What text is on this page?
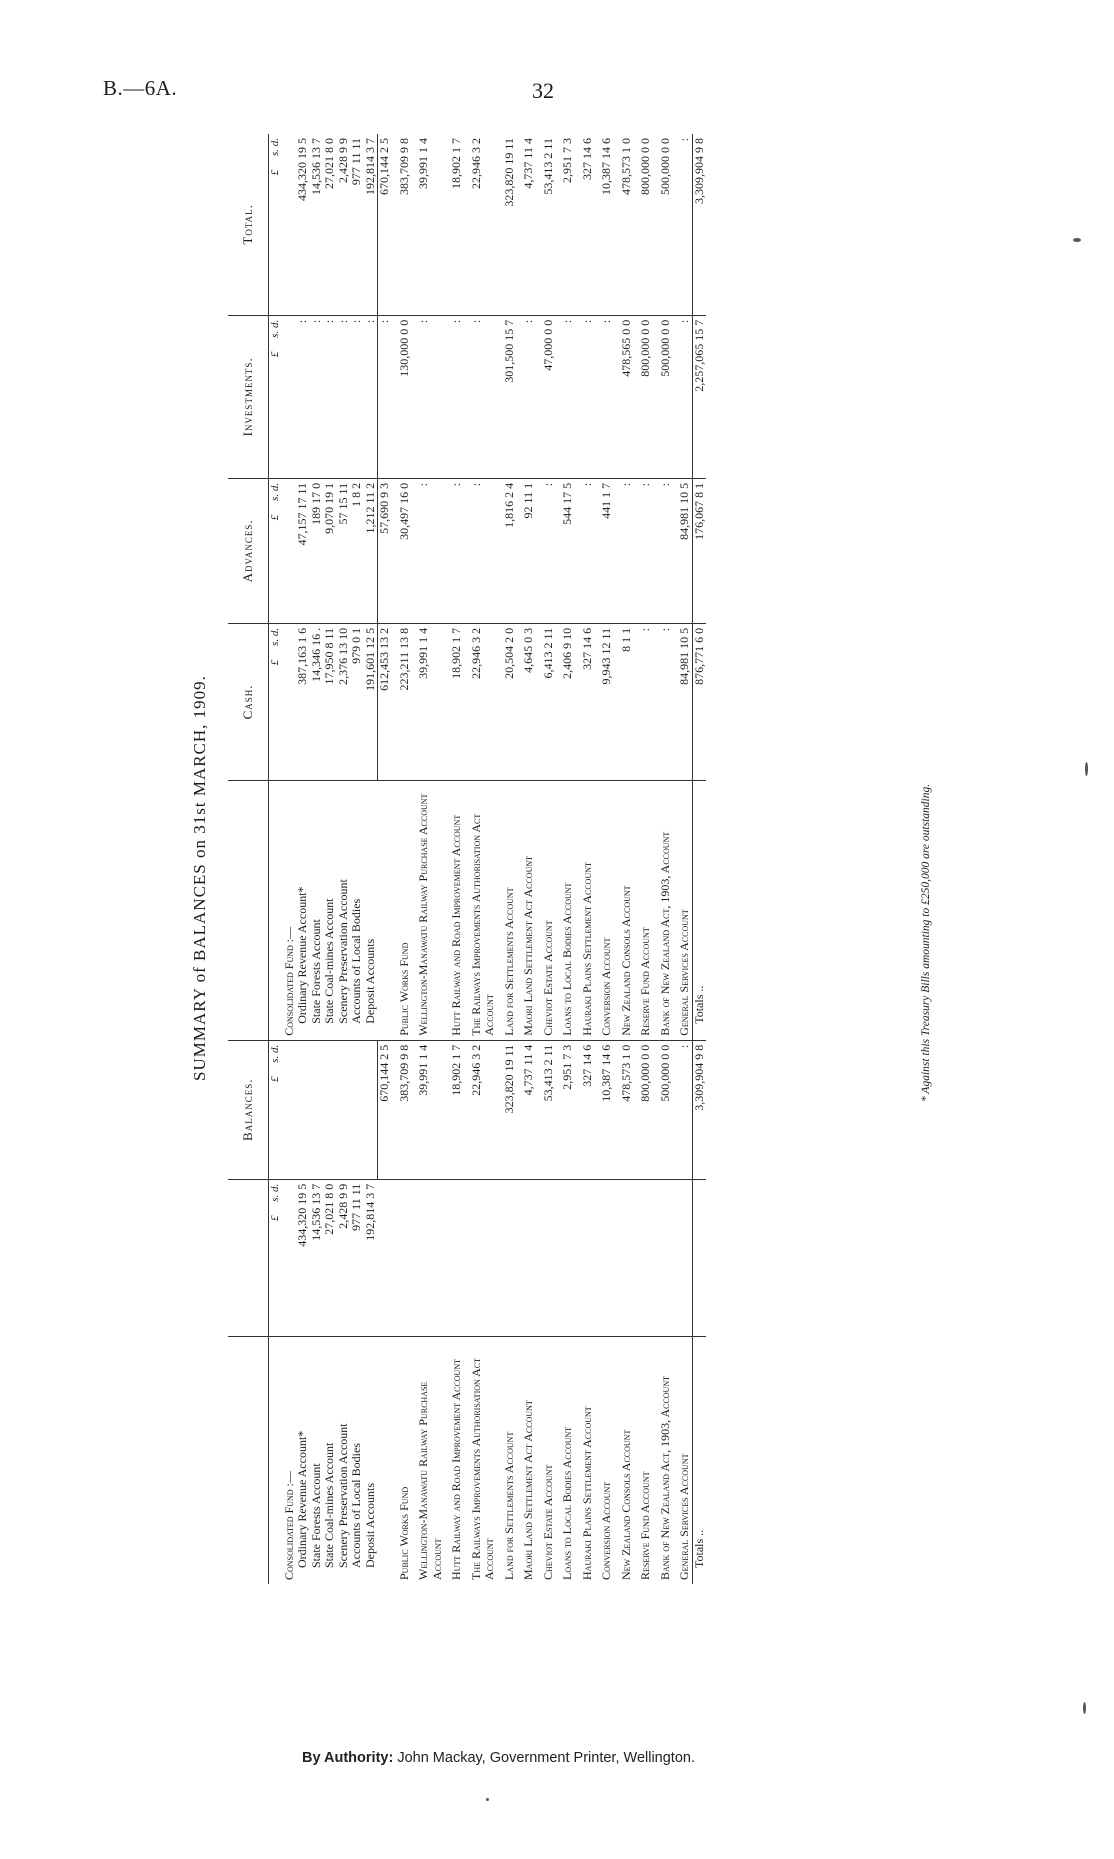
B.—6A.	32
SUMMARY of BALANCES on 31st MARCH, 1909.
		Balances.		Cash.	Advances.	Investments.	Total.
	£     s. d.	£     s. d.		£     s. d.	£     s. d.	£     s. d.	£     s. d.
Consolidated Fund :—			Consolidated Fund :—				
Ordinary Revenue Account*	434,320 19 5		Ordinary Revenue Account*	387,163 1 6	47,157 17 11	:	434,320 19 5
State Forests Account	14,536 13 7		State Forests Account	14,346 16 .	189 17 0	:	14,536 13 7
State Coal-mines Account	27,021 8 0		State Coal-mines Account	17,950 8 11	9,070 19 1	:	27,021 8 0
Scenery Preservation Account	2,428 9 9		Scenery Preservation Account	2,376 13 10	57 15 11	:	2,428 9 9
Accounts of Local Bodies	977 11 11		Accounts of Local Bodies	979 0 1	1 8 2	:	977 11 11
Deposit Accounts	192,814 3 7		Deposit Accounts	191,601 12 5	1,212 11 2	:	192,814 3 7
		670,144 2 5		612,453 13 2	57,690 9 3	:	670,144 2 5

Public Works Fund		383,709 9 8	Public Works Fund	223,211 13 8	30,497 16 0	130,000 0 0	383,709 9 8

Wellington-Manawatu Railway Purchase Account		39,991 1 4	Wellington-Manawatu Railway Purchase Account	39,991 1 4	:	:	39,991 1 4

Hutt Railway and Road Improvement Account		18,902 1 7	Hutt Railway and Road Improvement Account	18,902 1 7	:	:	18,902 1 7

The Railways Improvements Authorisation Act Account		22,946 3 2	The Railways Improvements Authorisation Act Account	22,946 3 2	:	:	22,946 3 2

Land for Settlements Account		323,820 19 11	Land for Settlements Account	20,504 2 0	1,816 2 4	301,500 15 7	323,820 19 11

Maori Land Settlement Act Account		4,737 11 4	Maori Land Settlement Act Account	4,645 0 3	92 11 1	:	4,737 11 4

Cheviot Estate Account		53,413 2 11	Cheviot Estate Account	6,413 2 11	:	47,000 0 0	53,413 2 11

Loans to Local Bodies Account		2,951 7 3	Loans to Local Bodies Account	2,406 9 10	544 17 5	:	2,951 7 3

Hauraki Plains Settlement Account		327 14 6	Hauraki Plains Settlement Account	327 14 6	:	:	327 14 6

Conversion Account		10,387 14 6	Conversion Account	9,943 12 11	441 1 7	:	10,387 14 6

New Zealand Consols Account		478,573 1 0	New Zealand Consols Account	8 1 1	:	478,565 0 0	478,573 1 0

Reserve Fund Account		800,000 0 0	Reserve Fund Account	:	:	800,000 0 0	800,000 0 0

Bank of New Zealand Act, 1903, Account		500,000 0 0	Bank of New Zealand Act, 1903, Account	:	:	500,000 0 0	500,000 0 0

General Services Account		:	General Services Account	84,981 10 5	84,981 10 5	:	:
Totals ..		3,309,904 9 8	Totals ..	876,771 6 0	176,067 8 1	2,257,065 15 7	3,309,904 9 8
* Against this Treasury Bills amounting to £250,000 are outstanding.
By Authority: John Mackay, Government Printer, Wellington.
